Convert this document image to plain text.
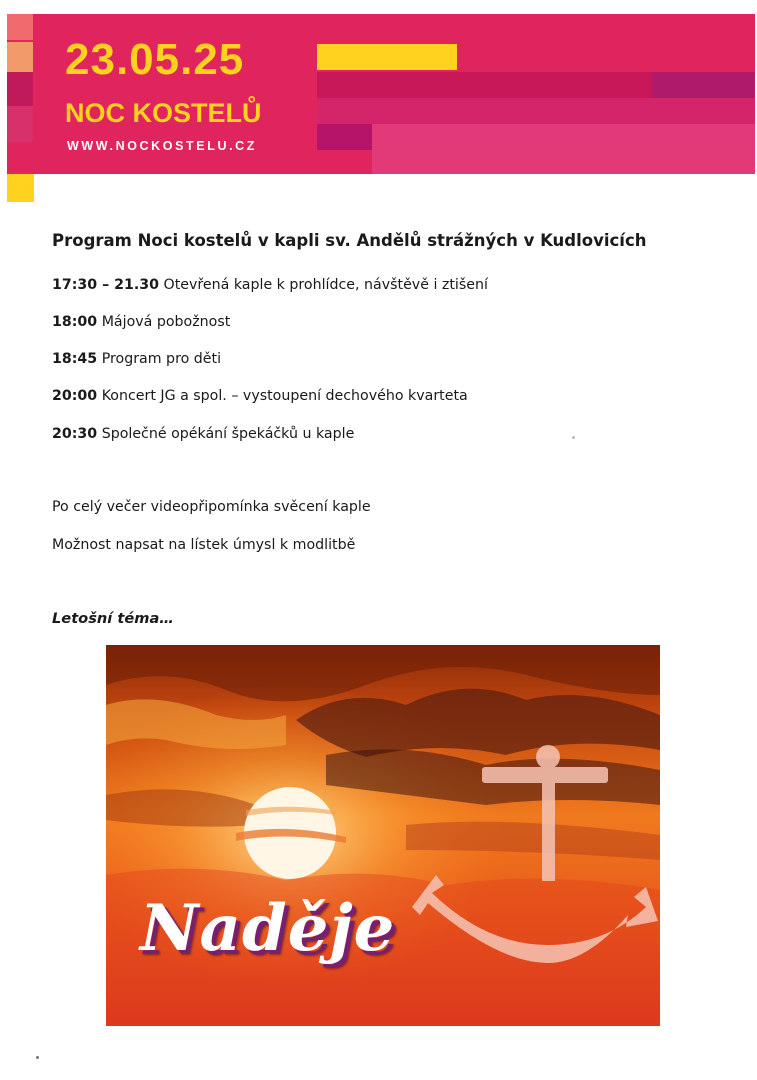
23.05.25
NOC KOSTELŮ
WWW.NOCKOSTELU.CZ
Program Noci kostelů v kapli sv. Andělů strážných v Kudlovicích
17:30 – 21.30 Otevřená kaple k prohlídce, návštěvě i ztišení
18:00 Májová pobožnost
18:45 Program pro děti
20:00 Koncert JG a spol. – vystoupení dechového kvarteta
20:30 Společné opékání špekáčků u kaple
Po celý večer videopřipomínka svěcení kaple
Možnost napsat na lístek úmysl k modlitbě
Letošní téma…
Naděje
